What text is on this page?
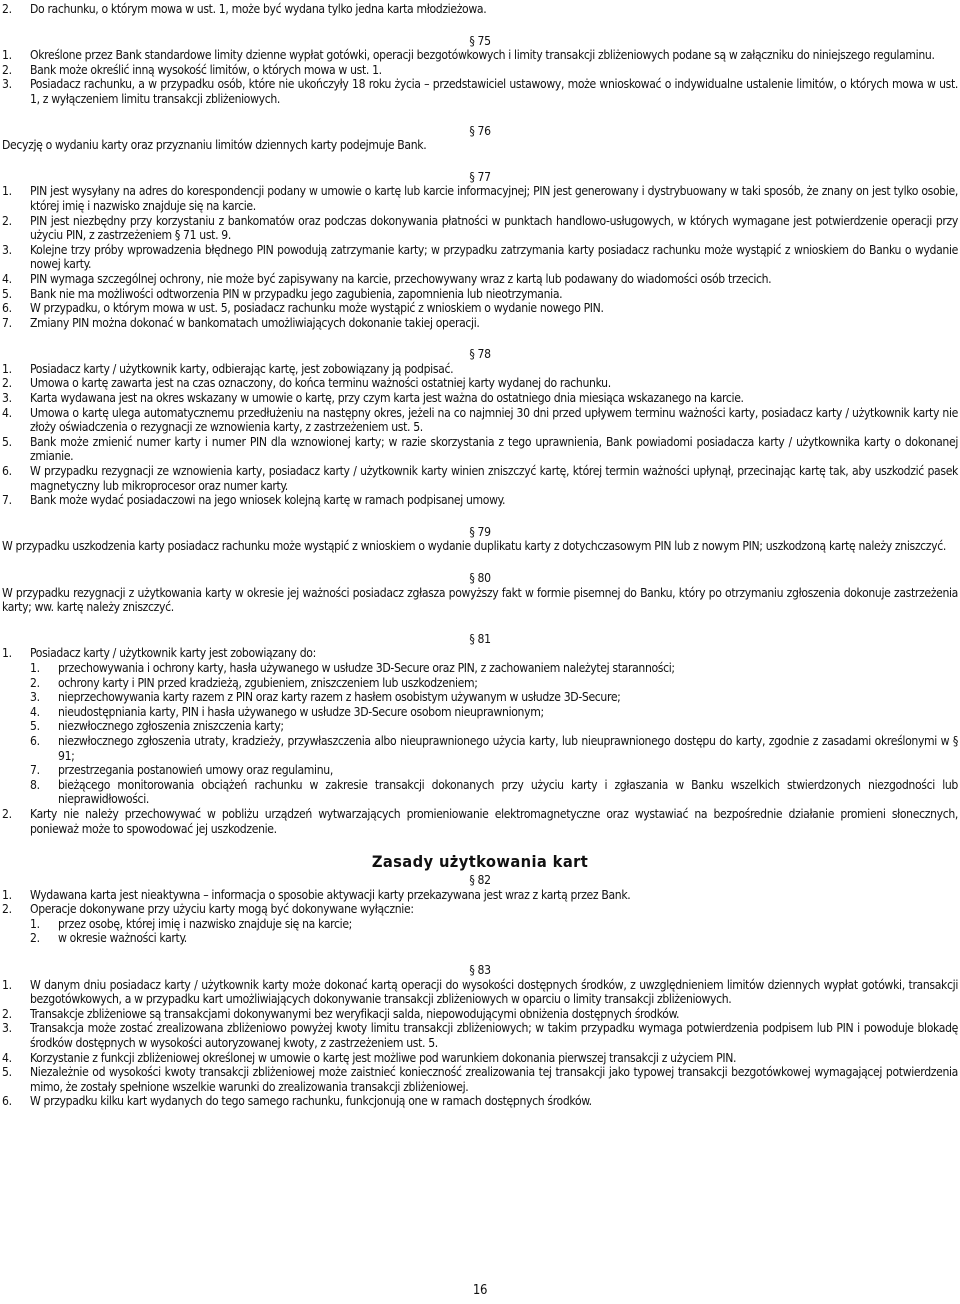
2.	Do rachunku, o którym mowa w ust. 1, może być wydana tylko jedna karta młodzieżowa.
§ 75
1.	Określone przez Bank standardowe limity dzienne wypłat gotówki, operacji bezgotówkowych i limity transakcji zbliżeniowych podane są w załączniku do niniejszego regulaminu.
2.	Bank może określić inną wysokość limitów, o których mowa w ust. 1.
3.	Posiadacz rachunku, a w przypadku osób, które nie ukończyły 18 roku życia – przedstawiciel ustawowy, może wnioskować o indywidualne ustalenie limitów, o których mowa w ust. 1, z wyłączeniem limitu transakcji zbliżeniowych.
§ 76
Decyzję o wydaniu karty oraz przyznaniu limitów dziennych karty podejmuje Bank.
§ 77
1.	PIN jest wysyłany na adres do korespondencji podany w umowie o kartę lub karcie informacyjnej; PIN jest generowany i dystrybuowany w taki sposób, że znany on jest tylko osobie, której imię i nazwisko znajduje się na karcie.
2.	PIN jest niezbędny przy korzystaniu z bankomatów oraz podczas dokonywania płatności w punktach handlowo-usługowych, w których wymagane jest potwierdzenie operacji przy użyciu PIN, z zastrzeżeniem § 71 ust. 9.
3.	Kolejne trzy próby wprowadzenia błędnego PIN powodują zatrzymanie karty; w przypadku zatrzymania karty posiadacz rachunku może wystąpić z wnioskiem do Banku o wydanie nowej karty.
4.	PIN wymaga szczególnej ochrony, nie może być zapisywany na karcie, przechowywany wraz z kartą lub podawany do wiadomości osób trzecich.
5.	Bank nie ma możliwości odtworzenia PIN w przypadku jego zagubienia, zapomnienia lub nieotrzymania.
6.	W przypadku, o którym mowa w ust. 5, posiadacz rachunku może wystąpić z wnioskiem o wydanie nowego PIN.
7.	Zmiany PIN można dokonać w bankomatach umożliwiających dokonanie takiej operacji.
§ 78
1.	Posiadacz karty / użytkownik karty, odbierając kartę, jest zobowiązany ją podpisać.
2.	Umowa o kartę zawarta jest na czas oznaczony, do końca terminu ważności ostatniej karty wydanej do rachunku.
3.	Karta wydawana jest na okres wskazany w umowie o kartę, przy czym karta jest ważna do ostatniego dnia miesiąca wskazanego na karcie.
4.	Umowa o kartę ulega automatycznemu przedłużeniu na następny okres, jeżeli na co najmniej 30 dni przed upływem terminu ważności karty, posiadacz karty / użytkownik karty nie złoży oświadczenia o rezygnacji ze wznowienia karty, z zastrzeżeniem ust. 5.
5.	Bank może zmienić numer karty i numer PIN dla wznowionej karty; w razie skorzystania z tego uprawnienia, Bank powiadomi posiadacza karty / użytkownika karty o dokonanej zmianie.
6.	W przypadku rezygnacji ze wznowienia karty, posiadacz karty / użytkownik karty winien zniszczyć kartę, której termin ważności upłynął, przecinając kartę tak, aby uszkodzić pasek magnetyczny lub mikroprocesor oraz numer karty.
7.	Bank może wydać posiadaczowi na jego wniosek kolejną kartę w ramach podpisanej umowy.
§ 79
W przypadku uszkodzenia karty posiadacz rachunku może wystąpić z wnioskiem o wydanie duplikatu karty z dotychczasowym PIN lub z nowym PIN; uszkodzoną kartę należy zniszczyć.
§ 80
W przypadku rezygnacji z użytkowania karty w okresie jej ważności posiadacz zgłasza powyższy fakt w formie pisemnej do Banku, który po otrzymaniu zgłoszenia dokonuje zastrzeżenia karty; ww. kartę należy zniszczyć.
§ 81
1.	Posiadacz karty / użytkownik karty jest zobowiązany do:
1.	przechowywania i ochrony karty, hasła używanego w usłudze 3D-Secure oraz PIN, z zachowaniem należytej staranności;
2.	ochrony karty i PIN przed kradzieżą, zgubieniem, zniszczeniem lub uszkodzeniem;
3.	nieprzechowywania karty razem z PIN oraz karty razem z hasłem osobistym używanym w usłudze 3D-Secure;
4.	nieudostępniania karty, PIN i hasła używanego w usłudze 3D-Secure osobom nieuprawnionym;
5.	niezwłocznego zgłoszenia zniszczenia karty;
6.	niezwłocznego zgłoszenia utraty, kradzieży, przywłaszczenia albo nieuprawnionego użycia karty, lub nieuprawnionego dostępu do karty, zgodnie z zasadami określonymi w § 91;
7.	przestrzegania postanowień umowy oraz regulaminu,
8.	bieżącego monitorowania obciążeń rachunku w zakresie transakcji dokonanych przy użyciu karty i zgłaszania w Banku wszelkich stwierdzonych niezgodności lub nieprawidłowości.
2.	Karty nie należy przechowywać w pobliżu urządzeń wytwarzających promieniowanie elektromagnetyczne oraz wystawiać na bezpośrednie działanie promieni słonecznych, ponieważ może to spowodować jej uszkodzenie.
Zasady użytkowania kart
§ 82
1.	Wydawana karta jest nieaktywna – informacja o sposobie aktywacji karty przekazywana jest wraz z kartą przez Bank.
2.	Operacje dokonywane przy użyciu karty mogą być dokonywane wyłącznie:
1.	przez osobę, której imię i nazwisko znajduje się na karcie;
2.	w okresie ważności karty.
§ 83
1.	W danym dniu posiadacz karty / użytkownik karty może dokonać kartą operacji do wysokości dostępnych środków, z uwzględnieniem limitów dziennych wypłat gotówki, transakcji bezgotówkowych, a w przypadku kart umożliwiających dokonywanie transakcji zbliżeniowych w oparciu o limity transakcji zbliżeniowych.
2.	Transakcje zbliżeniowe są transakcjami dokonywanymi bez weryfikacji salda, niepowodującymi obniżenia dostępnych środków.
3.	Transakcja może zostać zrealizowana zbliżeniowo powyżej kwoty limitu transakcji zbliżeniowych; w takim przypadku wymaga potwierdzenia podpisem lub PIN i powoduje blokadę środków dostępnych w wysokości autoryzowanej kwoty, z zastrzeżeniem ust. 5.
4.	Korzystanie z funkcji zbliżeniowej określonej w umowie o kartę jest możliwe pod warunkiem dokonania pierwszej transakcji z użyciem PIN.
5.	Niezależnie od wysokości kwoty transakcji zbliżeniowej może zaistnieć konieczność zrealizowania tej transakcji jako typowej transakcji bezgotówkowej wymagającej potwierdzenia mimo, że zostały spełnione wszelkie warunki do zrealizowania transakcji zbliżeniowej.
6.	W przypadku kilku kart wydanych do tego samego rachunku, funkcjonują one w ramach dostępnych środków.
16
